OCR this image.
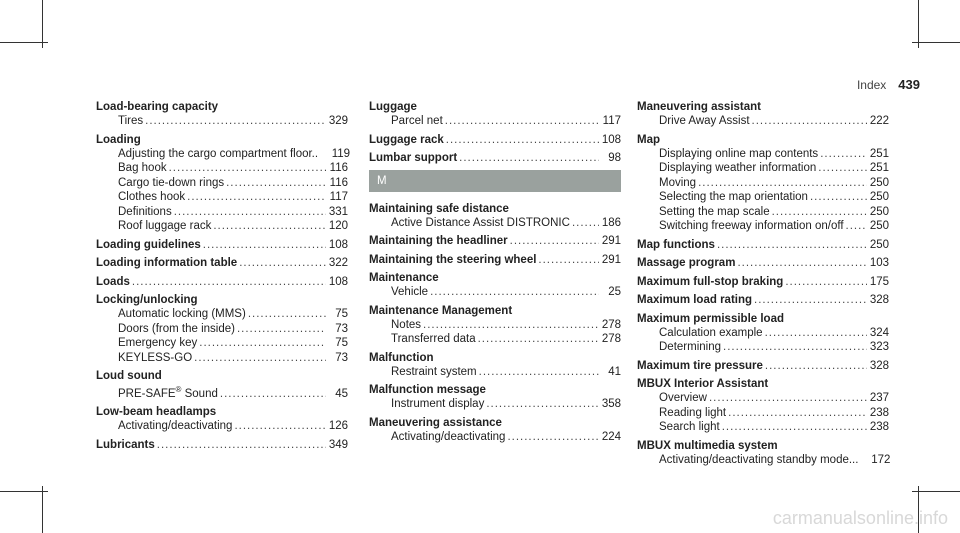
Index 439
Load-bearing capacity
Tires .....	329
Loading
Adjusting the cargo compartment floor.. 119
Bag hook .....	116
Cargo tie-down rings .....	116
Clothes hook .....	117
Definitions .....	331
Roof luggage rack .....	120
Loading guidelines .....	108
Loading information table .....	322
Loads .....	108
Locking/unlocking
Automatic locking (MMS) .....	75
Doors (from the inside) .....	73
Emergency key .....	75
KEYLESS-GO .....	73
Loud sound
PRE-SAFE® Sound .....	45
Low-beam headlamps
Activating/deactivating .....	126
Lubricants .....	349
Luggage
Parcel net .....	117
Luggage rack .....	108
Lumbar support .....	98
M
Maintaining safe distance
Active Distance Assist DISTRONIC .....	186
Maintaining the headliner .....	291
Maintaining the steering wheel .....	291
Maintenance
Vehicle .....	25
Maintenance Management
Notes .....	278
Transferred data .....	278
Malfunction
Restraint system .....	41
Malfunction message
Instrument display .....	358
Maneuvering assistance
Activating/deactivating .....	224
Maneuvering assistant
Drive Away Assist .....	222
Map
Displaying online map contents .....	251
Displaying weather information .....	251
Moving .....	250
Selecting the map orientation .....	250
Setting the map scale .....	250
Switching freeway information on/off ..... 250
Map functions .....	250
Massage program .....	103
Maximum full-stop braking .....	175
Maximum load rating .....	328
Maximum permissible load
Calculation example .....	324
Determining .....	323
Maximum tire pressure .....	328
MBUX Interior Assistant
Overview .....	237
Reading light .....	238
Search light .....	238
MBUX multimedia system
Activating/deactivating standby mode... 172
carmanualsonline.info
